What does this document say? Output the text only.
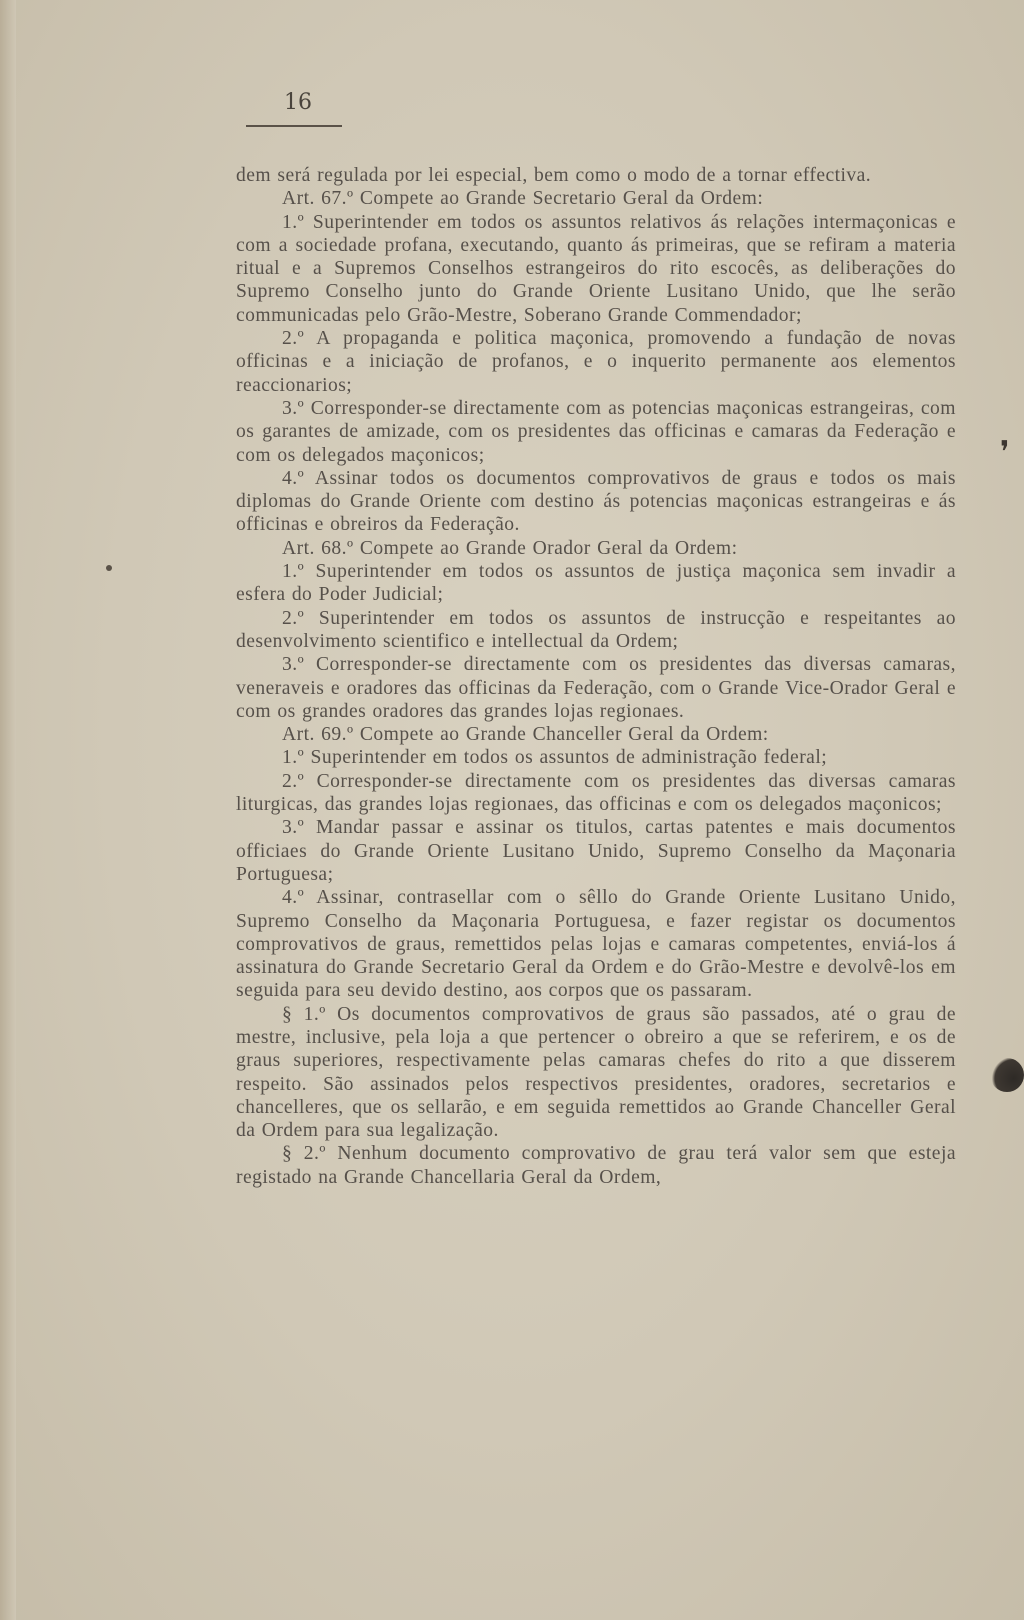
16

dem será regulada por lei especial, bem como o modo de a tornar effectiva.

Art. 67.º Compete ao Grande Secretario Geral da Ordem:

1.º Superintender em todos os assuntos relativos ás relações intermaçonicas e com a sociedade profana, executando, quanto ás primeiras, que se refiram a materia ritual e a Supremos Conselhos estrangeiros do rito escocês, as deliberações do Supremo Conselho junto do Grande Oriente Lusitano Unido, que lhe serão communicadas pelo Grão-Mestre, Soberano Grande Commendador;

2.º A propaganda e politica maçonica, promovendo a fundação de novas officinas e a iniciação de profanos, e o inquerito permanente aos elementos reaccionarios;

3.º Corresponder-se directamente com as potencias maçonicas estrangeiras, com os garantes de amizade, com os presidentes das officinas e camaras da Federação e com os delegados maçonicos;

4.º Assinar todos os documentos comprovativos de graus e todos os mais diplomas do Grande Oriente com destino ás potencias maçonicas estrangeiras e ás officinas e obreiros da Federação.

Art. 68.º Compete ao Grande Orador Geral da Ordem:

1.º Superintender em todos os assuntos de justiça maçonica sem invadir a esfera do Poder Judicial;

2.º Superintender em todos os assuntos de instrucção e respeitantes ao desenvolvimento scientifico e intellectual da Ordem;

3.º Corresponder-se directamente com os presidentes das diversas camaras, veneraveis e oradores das officinas da Federação, com o Grande Vice-Orador Geral e com os grandes oradores das grandes lojas regionaes.

Art. 69.º Compete ao Grande Chanceller Geral da Ordem:

1.º Superintender em todos os assuntos de administração federal;

2.º Corresponder-se directamente com os presidentes das diversas camaras liturgicas, das grandes lojas regionaes, das officinas e com os delegados maçonicos;

3.º Mandar passar e assinar os titulos, cartas patentes e mais documentos officiaes do Grande Oriente Lusitano Unido, Supremo Conselho da Maçonaria Portuguesa;

4.º Assinar, contrasellar com o sêllo do Grande Oriente Lusitano Unido, Supremo Conselho da Maçonaria Portuguesa, e fazer registar os documentos comprovativos de graus, remettidos pelas lojas e camaras competentes, enviá-los á assinatura do Grande Secretario Geral da Ordem e do Grão-Mestre e devolvê-los em seguida para seu devido destino, aos corpos que os passaram.

§ 1.º Os documentos comprovativos de graus são passados, até o grau de mestre, inclusive, pela loja a que pertencer o obreiro a que se referirem, e os de graus superiores, respectivamente pelas camaras chefes do rito a que disserem respeito. São assinados pelos respectivos presidentes, oradores, secretarios e chancelleres, que os sellarão, e em seguida remettidos ao Grande Chanceller Geral da Ordem para sua legalização.

§ 2.º Nenhum documento comprovativo de grau terá valor sem que esteja registado na Grande Chancellaria Geral da Ordem,

❜
